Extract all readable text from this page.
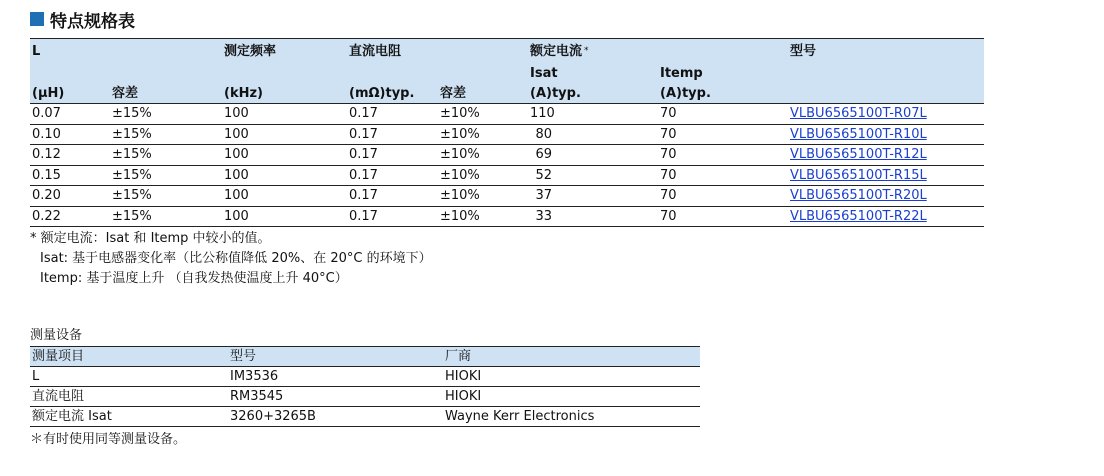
特点规格表
L		测定频率	直流电阻		额定电流 *		型号
					Isat	Itemp	
(μH)	容差	(kHz)	(mΩ)typ.	容差	(A)typ.	(A)typ.	
0.07	±15%	100	0.17	±10%	110	70	VLBU6565100T-R07L
0.10	±15%	100	0.17	±10%	80	70	VLBU6565100T-R10L
0.12	±15%	100	0.17	±10%	69	70	VLBU6565100T-R12L
0.15	±15%	100	0.17	±10%	52	70	VLBU6565100T-R15L
0.20	±15%	100	0.17	±10%	37	70	VLBU6565100T-R20L
0.22	±15%	100	0.17	±10%	33	70	VLBU6565100T-R22L
* 额定电流：Isat 和 Itemp 中较小的值。
Isat: 基于电感器变化率（比公称值降低 20%、在 20°C 的环境下）
Itemp: 基于温度上升 （自我发热使温度上升 40°C）
测量设备
测量项目	型号	厂商
L	IM3536	HIOKI
直流电阻	RM3545	HIOKI
额定电流 Isat	3260+3265B	Wayne Kerr Electronics
＊有时使用同等测量设备。
